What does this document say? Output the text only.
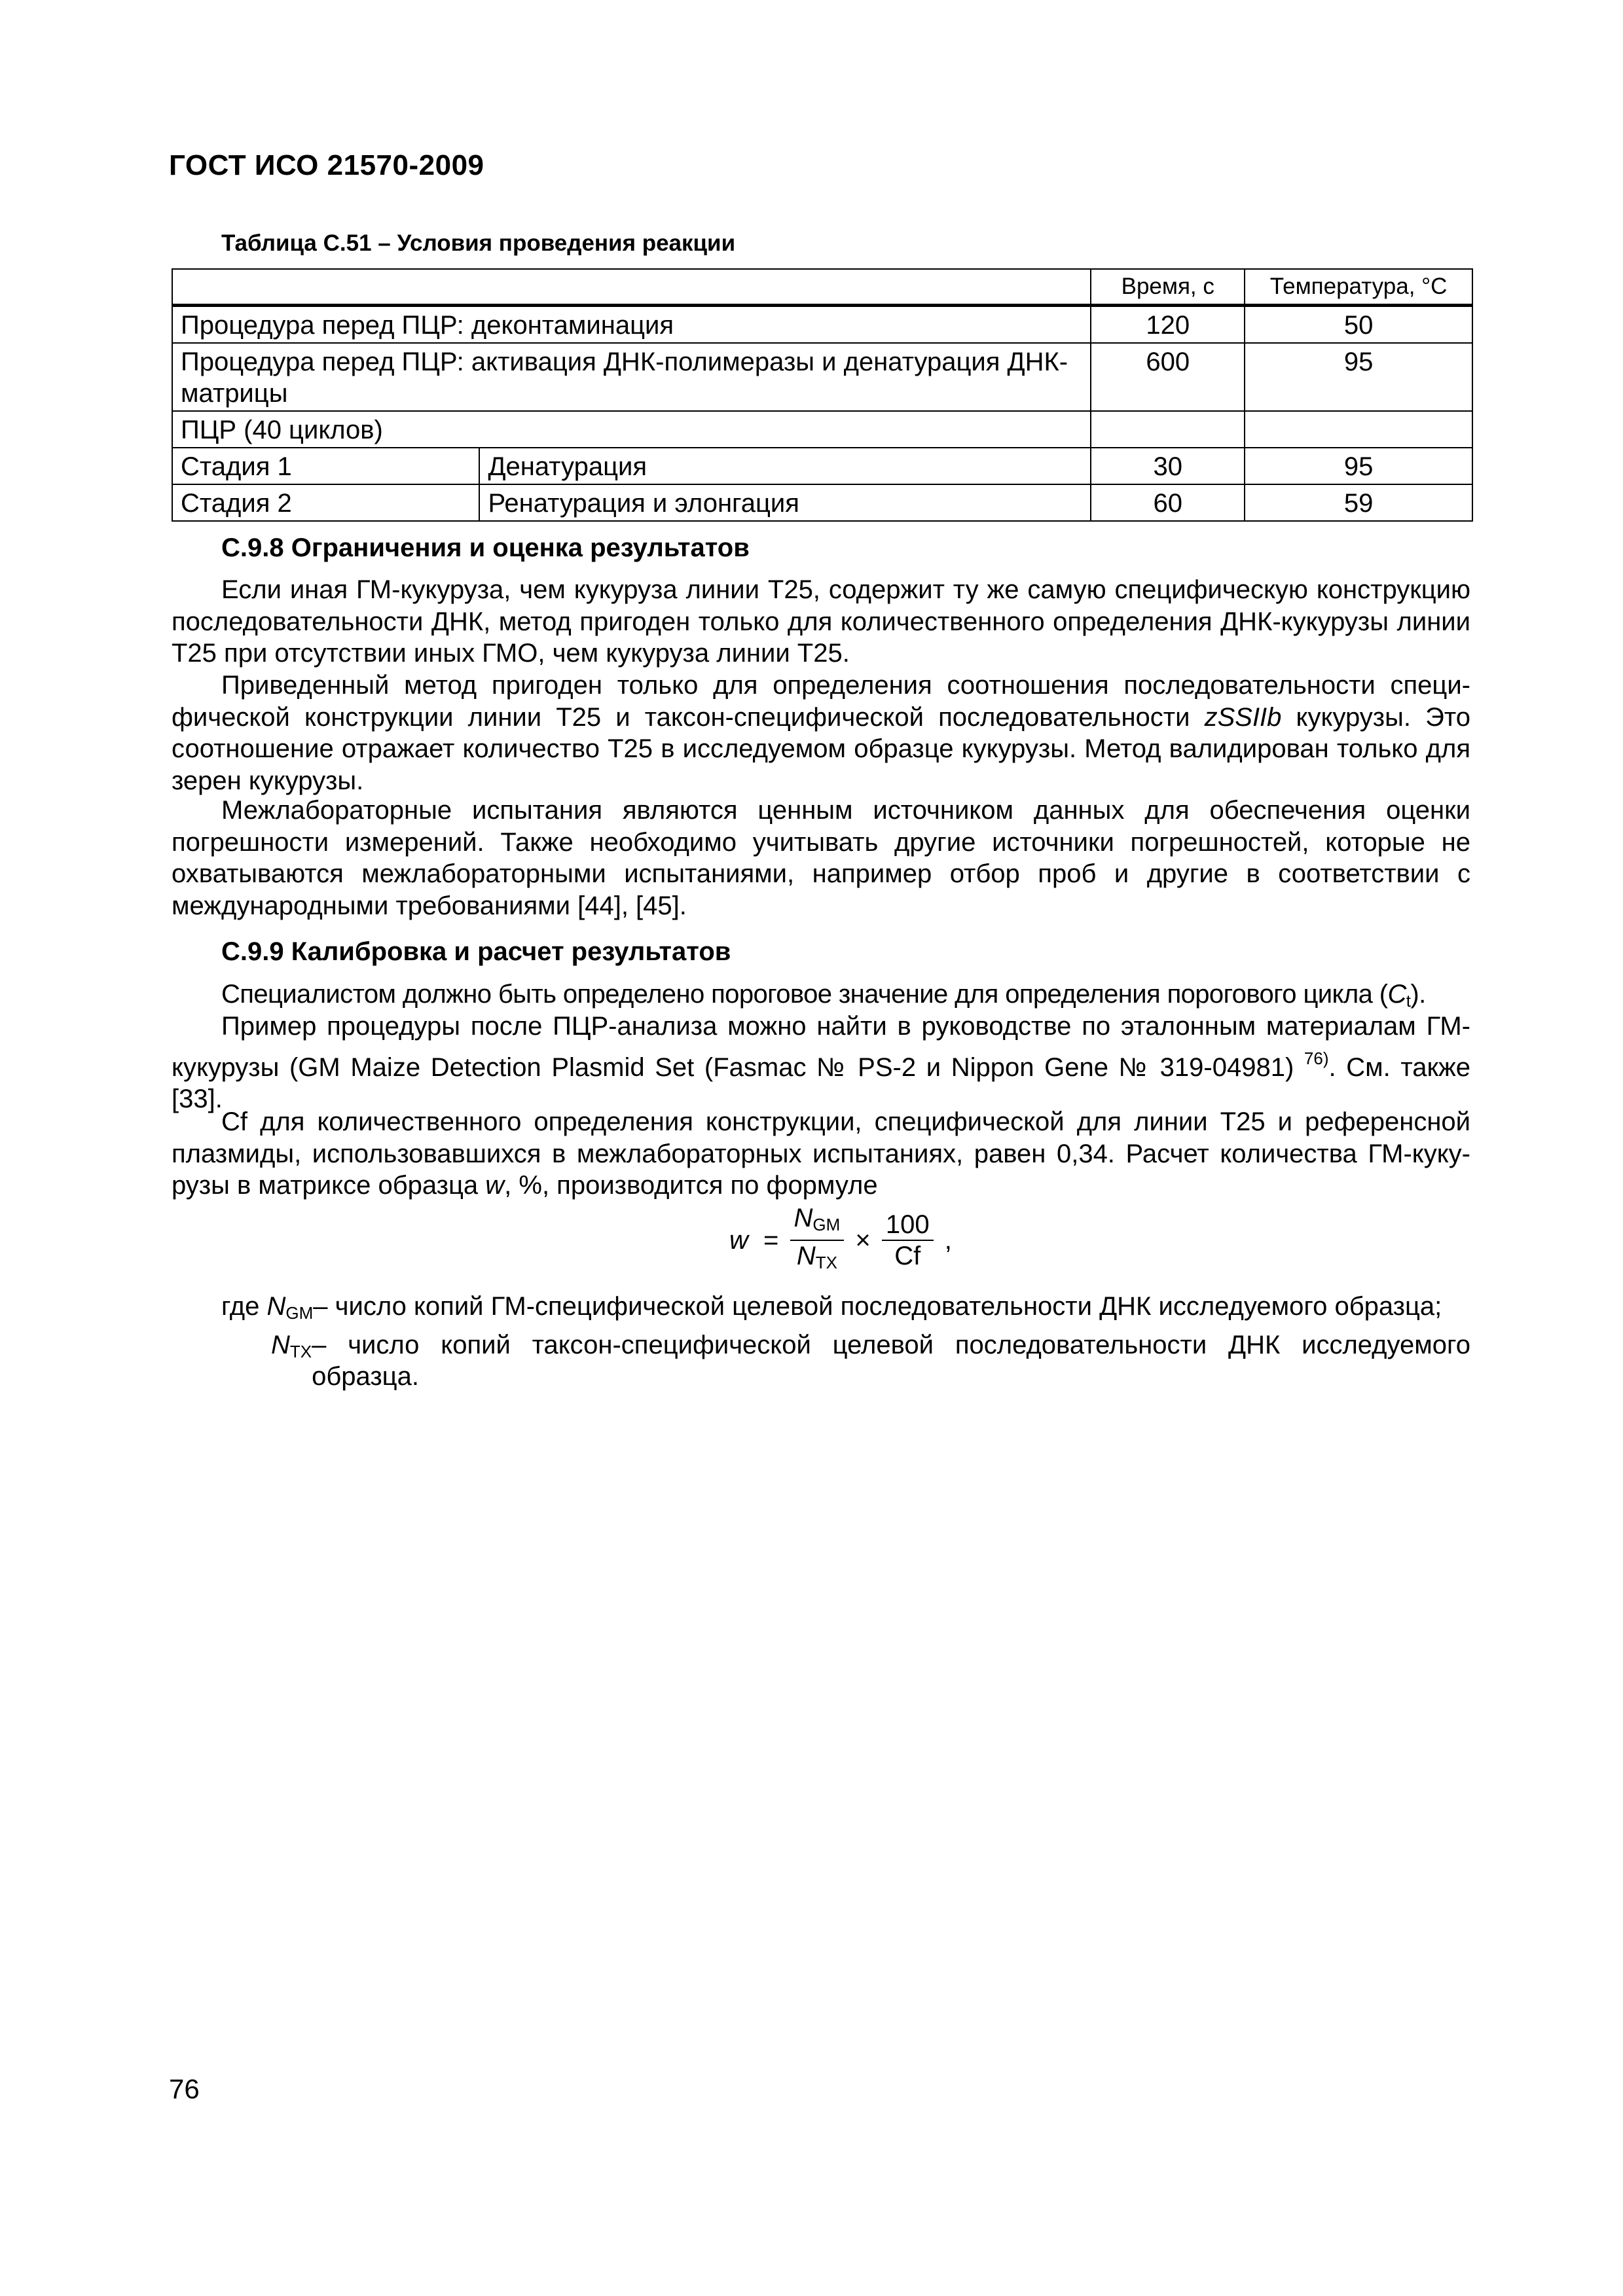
ГОСТ ИСО 21570-2009
Таблица С.51 – Условия проведения реакции
		Время, с	Температура, °С
Процедура перед ПЦР: деконтаминация		120	50
Процедура перед ПЦР: активация ДНК-полимеразы и денатурация ДНК-матрицы		600	95
ПЦР (40 циклов)			
Стадия 1	Денатурация	30	95
Стадия 2	Ренатурация и элонгация	60	59
С.9.8 Ограничения и оценка результатов

Если иная ГМ-кукуруза, чем кукуруза линии Т25, содержит ту же самую специфическую конструкцию последовательности ДНК, метод пригоден только для количественного определения ДНК-кукурузы линии Т25 при отсутствии иных ГМО, чем кукуруза линии Т25.

Приведенный метод пригоден только для определения соотношения последовательности специ-фической конструкции линии Т25 и таксон-специфической последовательности zSSIIb кукурузы. Это соотношение отражает количество Т25 в исследуемом образце кукурузы. Метод валидирован только для зерен кукурузы.

Межлабораторные испытания являются ценным источником данных для обеспечения оценки погрешности измерений. Также необходимо учитывать другие источники погрешностей, которые не охватываются межлабораторными испытаниями, например отбор проб и другие в соответствии с международными требованиями [44], [45].

С.9.9 Калибровка и расчет результатов

Специалистом должно быть определено пороговое значение для определения порогового цикла $(C_t)$.

Пример процедуры после ПЦР-анализа можно найти в руководстве по эталонным материалам ГМ-кукурузы (GM Maize Detection Plasmid Set (Fasmac № PS-2 и Nippon Gene № 319-04981) $^{76)}$. См. также [33].

Cf для количественного определения конструкции, специфической для линии Т25 и референсной плазмиды, использовавшихся в межлабораторных испытаниях, равен 0,34. Расчет количества ГМ-куку-рузы в матриксе образца w, %, производится по формуле

$w = \frac{N_{GM}}{N_{TX}} \times \frac{100}{Cf}$ ,
где $N_{GM}$ – число копий ГМ-специфической целевой последовательности ДНК исследуемого образца;
$N_{TX}$ – число копий таксон-специфической целевой последовательности ДНК исследуемого образца.
76
